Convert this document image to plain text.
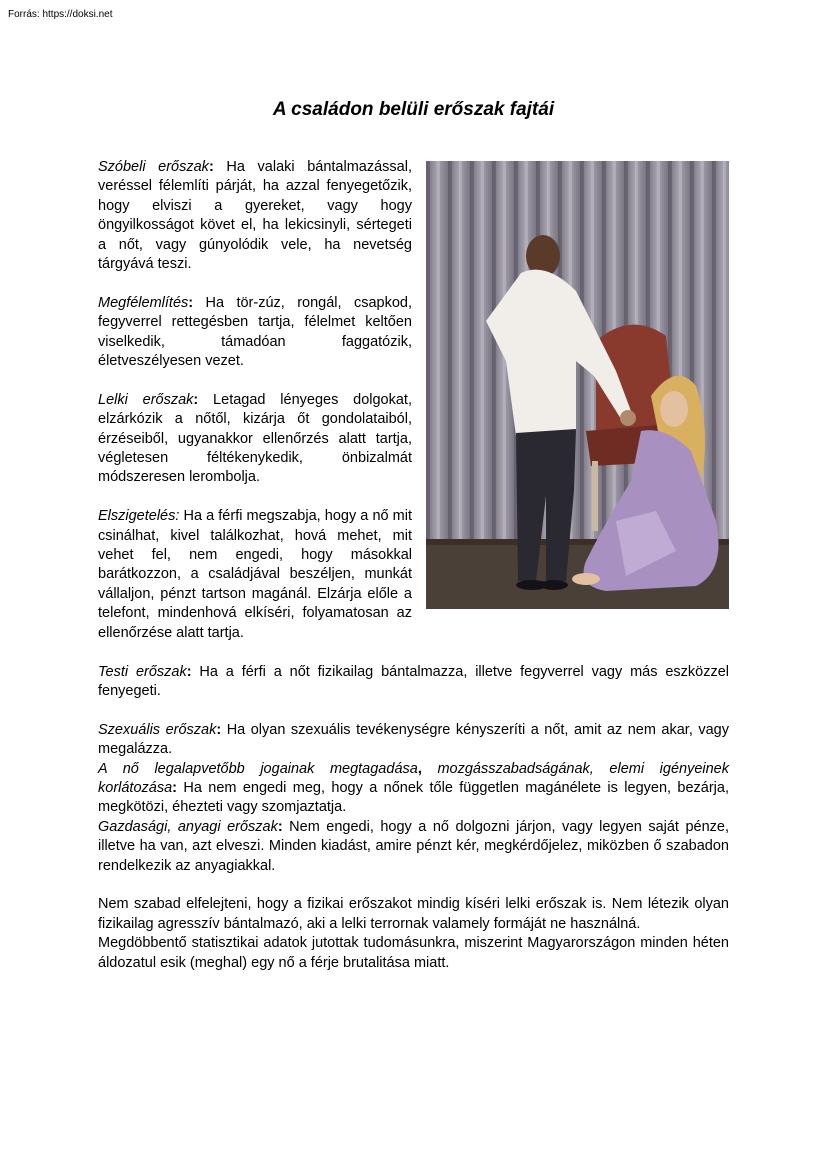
Forrás: https://doksi.net
A családon belüli erőszak fajtái

Szóbeli erőszak: Ha valaki bántalmazással, veréssel félemlíti párját, ha azzal fenyegetőzik, hogy elviszi a gyereket, vagy hogy öngyilkosságot követ el, ha lekicsinyli, sértegeti a nőt, vagy gúnyolódik vele, ha nevetség tárgyává teszi.

Megfélemlítés: Ha tör-zúz, rongál, csapkod, fegyverrel rettegésben tartja, félelmet keltően viselkedik, támadóan faggatózik, életveszélyesen vezet.

Lelki erőszak: Letagad lényeges dolgokat, elzárkózik a nőtől, kizárja őt gondolataiból, érzéseiből, ugyanakkor ellenőrzés alatt tartja, végletesen féltékenykedik, önbizalmát módszeresen lerombolja.

Elszigetelés: Ha a férfi megszabja, hogy a nő mit csinálhat, kivel találkozhat, hová mehet, mit vehet fel, nem engedi, hogy másokkal barátkozzon, a családjával beszéljen, munkát vállaljon, pénzt tartson magánál. Elzárja előle a telefont, mindenhová elkíséri, folyamatosan az ellenőrzése alatt tartja.

Testi erőszak: Ha a férfi a nőt fizikailag bántalmazza, illetve fegyverrel vagy más eszközzel fenyegeti.

Szexuális erőszak: Ha olyan szexuális tevékenységre kényszeríti a nőt, amit az nem akar, vagy megalázza.

A nő legalapvetőbb jogainak megtagadása, mozgásszabadságának, elemi igényeinek korlátozása: Ha nem engedi meg, hogy a nőnek tőle független magánélete is legyen, bezárja, megkötözi, éhezteti vagy szomjaztatja.

Gazdasági, anyagi erőszak: Nem engedi, hogy a nő dolgozni járjon, vagy legyen saját pénze, illetve ha van, azt elveszi. Minden kiadást, amire pénzt kér, megkérdőjelez, miközben ő szabadon rendelkezik az anyagiakkal.

Nem szabad elfelejteni, hogy a fizikai erőszakot mindig kíséri lelki erőszak is. Nem létezik olyan fizikailag agresszív bántalmazó, aki a lelki terrornak valamely formáját ne használná.

Megdöbbentő statisztikai adatok jutottak tudomásunkra, miszerint Magyarországon minden héten áldozatul esik (meghal) egy nő a férje brutalitása miatt.
